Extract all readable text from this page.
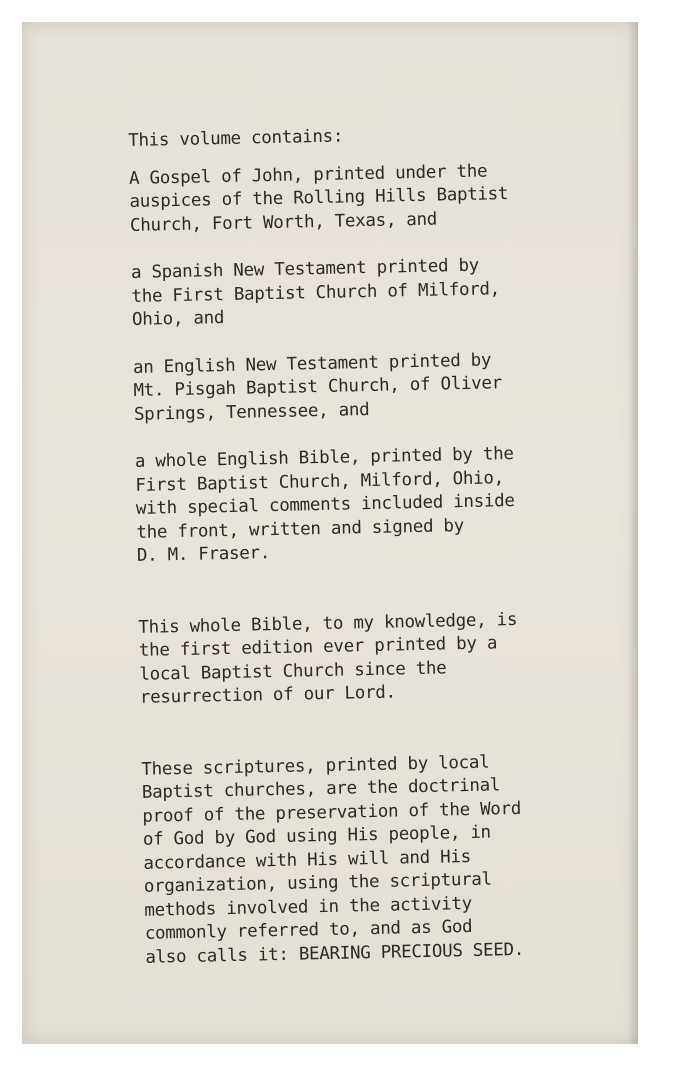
This volume contains:

A Gospel of John, printed under the
auspices of the Rolling Hills Baptist
Church, Fort Worth, Texas, and

a Spanish New Testament printed by
the First Baptist Church of Milford,
Ohio, and

an English New Testament printed by
Mt. Pisgah Baptist Church, of Oliver
Springs, Tennessee, and

a whole English Bible, printed by the
First Baptist Church, Milford, Ohio,
with special comments included inside
the front, written and signed by
D. M. Fraser.

This whole Bible, to my knowledge, is
the first edition ever printed by a
local Baptist Church since the
resurrection of our Lord.

These scriptures, printed by local
Baptist churches, are the doctrinal
proof of the preservation of the Word
of God by God using His people, in
accordance with His will and His
organization, using the scriptural
methods involved in the activity
commonly referred to, and as God
also calls it: BEARING PRECIOUS SEED.
